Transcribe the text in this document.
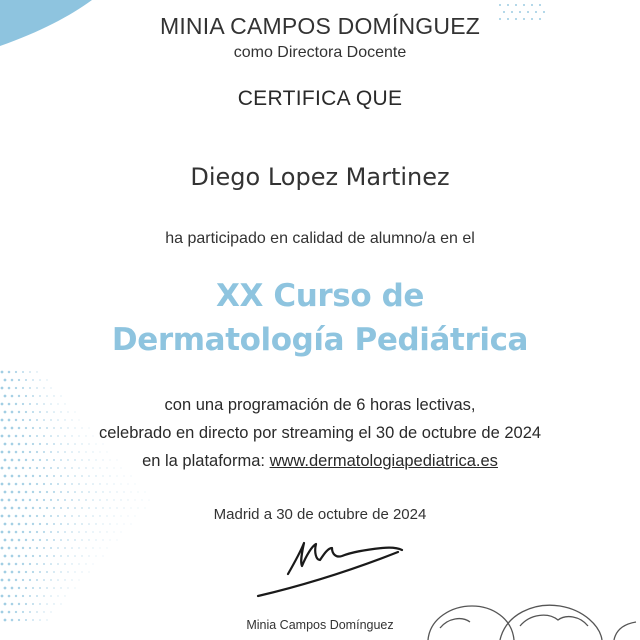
MINIA CAMPOS DOMÍNGUEZ
como Directora Docente
CERTIFICA QUE
Diego Lopez Martinez
ha participado en calidad de alumno/a en el
XX Curso de
Dermatología Pediátrica
con una programación de 6 horas lectivas,
celebrado en directo por streaming el 30 de octubre de 2024
en la plataforma: www.dermatologiapediatrica.es
Madrid a 30 de octubre de 2024
Minia Campos Domínguez
